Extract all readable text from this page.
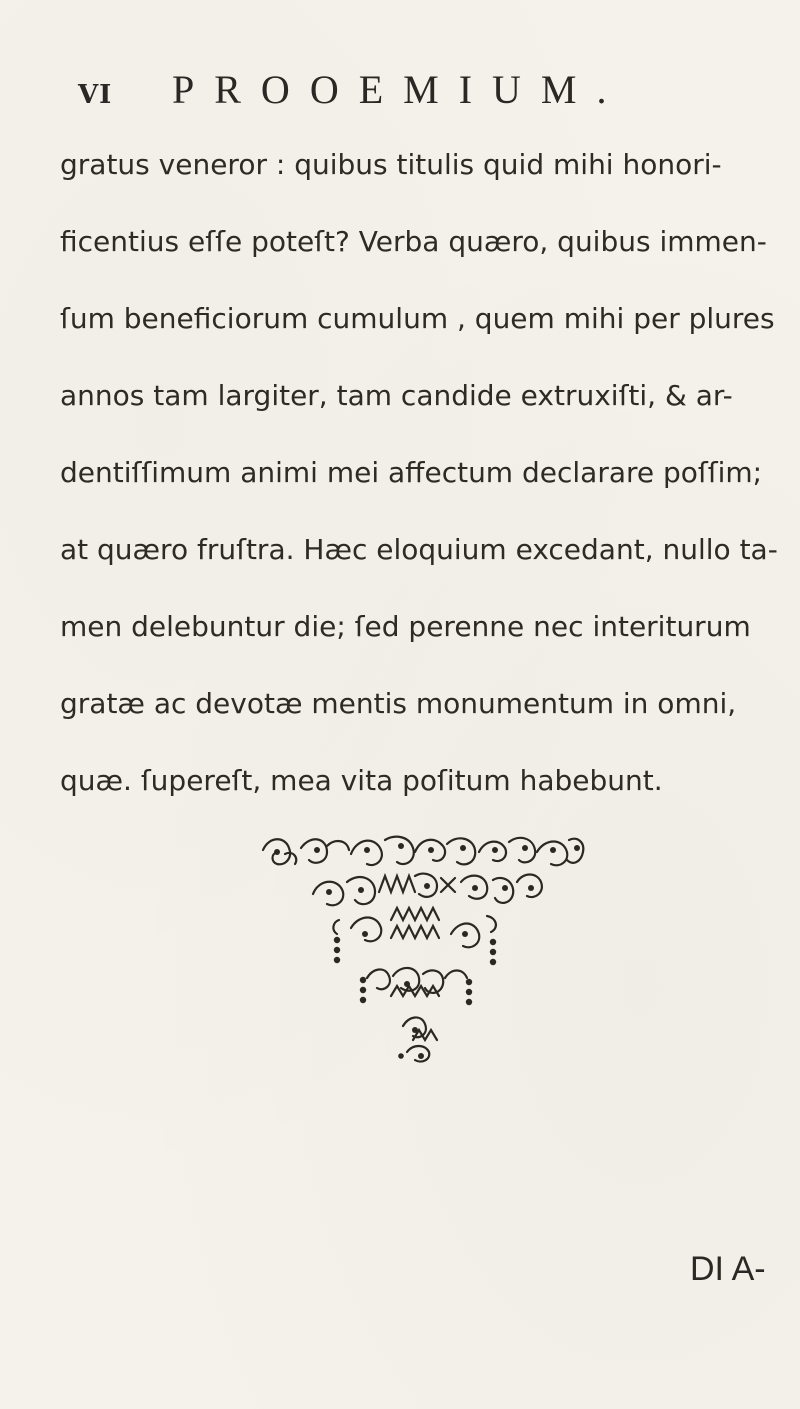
VI PROOEMIUM.
gratus veneror : quibus titulis quid mihi honori-
ficentius eſſe poteſt? Verba quæro, quibus immen-
ſum beneficiorum cumulum , quem mihi per plures
annos tam largiter, tam candide extruxiſti, & ar-
dentiſſimum animi mei affectum declarare poſſim;
at quæro fruſtra. Hæc eloquium excedant, nullo ta-
men delebuntur die; ſed perenne nec interiturum
gratæ ac devotæ mentis monumentum in omni,
quæ. ſupereſt, mea vita poſitum habebunt.
DI A-
